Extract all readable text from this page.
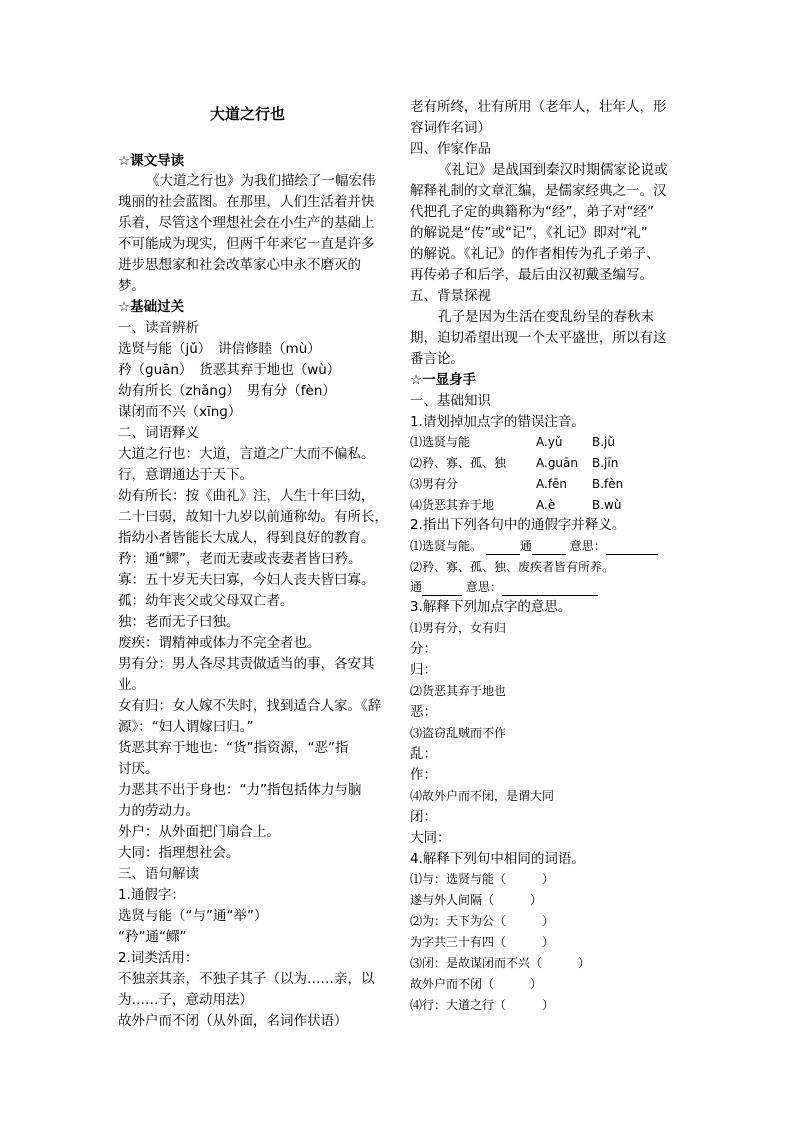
大道之行也
☆课文导读
《大道之行也》为我们描绘了一幅宏伟
瑰丽的社会蓝图。在那里，人们生活着并快
乐着，尽管这个理想社会在小生产的基础上
不可能成为现实，但两千年来它一直是许多
进步思想家和社会改革家心中永不磨灭的
梦。
☆基础过关
一、读音辨析
选贤与能（jǔ）　讲信修睦（mù）
矜（ɡuān）　货恶其弃于地也（wù）
幼有所长（zhǎnɡ）　男有分（fèn）
谋闭而不兴（xīnɡ）
二、词语释义
大道之行也：大道，言道之广大而不偏私。
行，意谓通达于天下。
幼有所长：按《曲礼》注，人生十年曰幼，
二十曰弱，故知十九岁以前通称幼。有所长，
指幼小者皆能长大成人，得到良好的教育。
矜：通“鳏”，老而无妻或丧妻者皆曰矜。
寡：五十岁无夫曰寡，今妇人丧夫皆曰寡。
孤：幼年丧父或父母双亡者。
独：老而无子曰独。
废疾：谓精神或体力不完全者也。
男有分：男人各尽其责做适当的事，各安其
业。
女有归：女人嫁不失时，找到适合人家。《辞
源》：“妇人谓嫁曰归。”
货恶其弃于地也：“货”指资源，“恶”指
讨厌。
力恶其不出于身也：“力”指包括体力与脑
力的劳动力。
外户：从外面把门扇合上。
大同：指理想社会。
三、语句解读
1.通假字：
选贤与能（“与”通“举”）
“矜”通“鳏”
2.词类活用：
不独亲其亲，不独子其子（以为……亲，以
为……子，意动用法）
故外户而不闭（从外面，名词作状语）
老有所终，壮有所用（老年人，壮年人，形
容词作名词）
四、作家作品
《礼记》是战国到秦汉时期儒家论说或
解释礼制的文章汇编，是儒家经典之一。汉
代把孔子定的典籍称为“经”，弟子对“经”
的解说是“传”或“记”，《礼记》即对“礼”
的解说。《礼记》的作者相传为孔子弟子、
再传弟子和后学，最后由汉初戴圣编写。
五、背景探视
孔子是因为生活在变乱纷呈的春秋末
期，迫切希望出现一个太平盛世，所以有这
番言论。
☆一显身手
一、基础知识
1.请划掉加点字的错误注音。
⑴选贤与能	A.yǔ B.jǔ
⑵矜、寡、孤、独 A.guān B.jīn
⑶男有分	A.fēn B.fèn
⑷货恶其弃于地	A.è	B.wù
2.指出下列各句中的通假字并释义。
⑴选贤与能。	通	意思：
⑵矜、寡、孤、独、废疾者皆有所养。
通	意思：
3.解释下列加点字的意思。
⑴男有分，女有归
分：
归：
⑵货恶其弃于地也
恶：
⑶盗窃乱贼而不作
乱：
作：
⑷故外户而不闭，是谓大同
闭：
大同：
4.解释下列句中相同的词语。
⑴与：选贤与能（　　　）
遂与外人间隔（　　　）
⑵为：天下为公（　　　）
为字共三十有四（　　　）
⑶闭：是故谋闭而不兴（　　　）
故外户而不闭（　　　）
⑷行：大道之行（　　　）
